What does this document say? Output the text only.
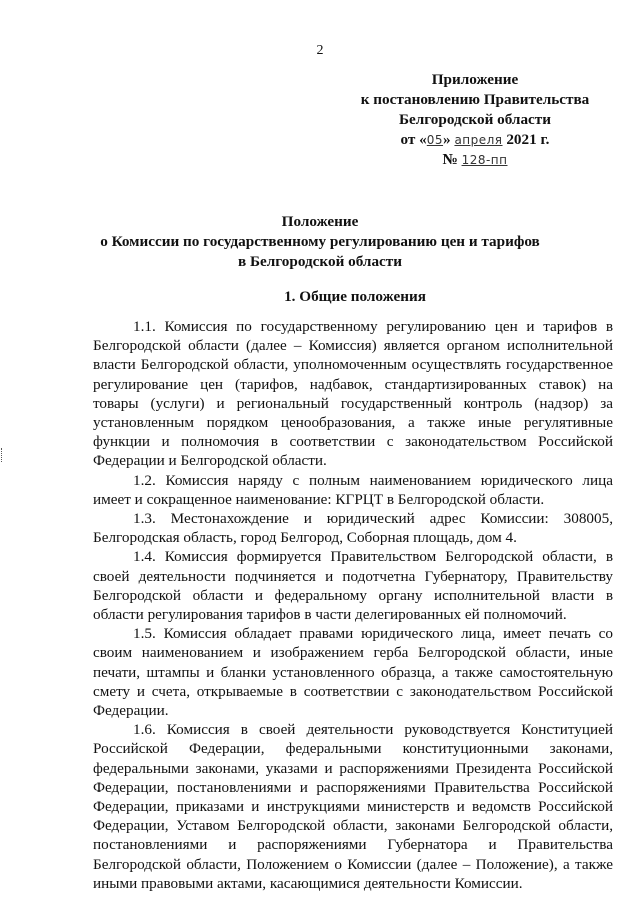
2
Приложение
к постановлению Правительства
Белгородской области
от «05» апреля 2021 г.
№ 128-пп
Положение
о Комиссии по государственному регулированию цен и тарифов
в Белгородской области
1. Общие положения

1.1. Комиссия по государственному регулированию цен и тарифов в Белгородской области (далее – Комиссия) является органом исполнительной власти Белгородской области, уполномоченным осуществлять государственное регулирование цен (тарифов, надбавок, стандартизированных ставок) на товары (услуги) и региональный государственный контроль (надзор) за установленным порядком ценообразования, а также иные регулятивные функции и полномочия в соответствии с законодательством Российской Федерации и Белгородской области.

1.2. Комиссия наряду с полным наименованием юридического лица имеет и сокращенное наименование: КГРЦТ в Белгородской области.

1.3. Местонахождение и юридический адрес Комиссии: 308005, Белгородская область, город Белгород, Соборная площадь, дом 4.

1.4. Комиссия формируется Правительством Белгородской области, в своей деятельности подчиняется и подотчетна Губернатору, Правительству Белгородской области и федеральному органу исполнительной власти в области регулирования тарифов в части делегированных ей полномочий.

1.5. Комиссия обладает правами юридического лица, имеет печать со своим наименованием и изображением герба Белгородской области, иные печати, штампы и бланки установленного образца, а также самостоятельную смету и счета, открываемые в соответствии с законодательством Российской Федерации.

1.6. Комиссия в своей деятельности руководствуется Конституцией Российской Федерации, федеральными конституционными законами, федеральными законами, указами и распоряжениями Президента Российской Федерации, постановлениями и распоряжениями Правительства Российской Федерации, приказами и инструкциями министерств и ведомств Российской Федерации, Уставом Белгородской области, законами Белгородской области, постановлениями и распоряжениями Губернатора и Правительства Белгородской области, Положением о Комиссии (далее – Положение), а также иными правовыми актами, касающимися деятельности Комиссии.
